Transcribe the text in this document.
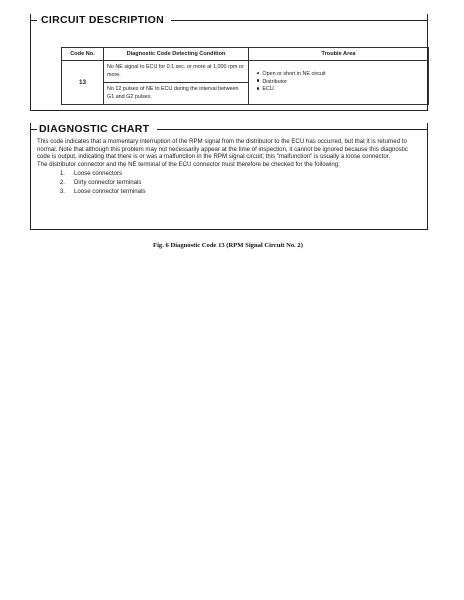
CIRCUIT DESCRIPTION
Code No.	Diagnostic Code Detecting Condition	Trouble Area
13	No NE signal to ECU for 0.1 sec. or more at 1,000 rpm or more.	Open or short in NE circuit
Distributor
ECU

	No 12 pulses of NE to ECU during the interval between G1 and G2 pulses.	
DIAGNOSTIC CHART

This code indicates that a momentary interruption of the RPM signal from the distributor to the ECU has occurred, but that it is returned to normal. Note that although this problem may not necessarily appear at the time of inspection, it cannot be ignored because this diagnostic code is output, indicating that there is or was a malfunction in the RPM signal circuit; this "malfunction" is usually a loose connector.

The distributor connector and the NE terminal of the ECU connector must therefore be checked for the following:

1. Loose connectors
2. Dirty connector terminals
3. Loose connector terminals
Fig. 6 Diagnostic Code 13 (RPM Signal Circuit No. 2)
